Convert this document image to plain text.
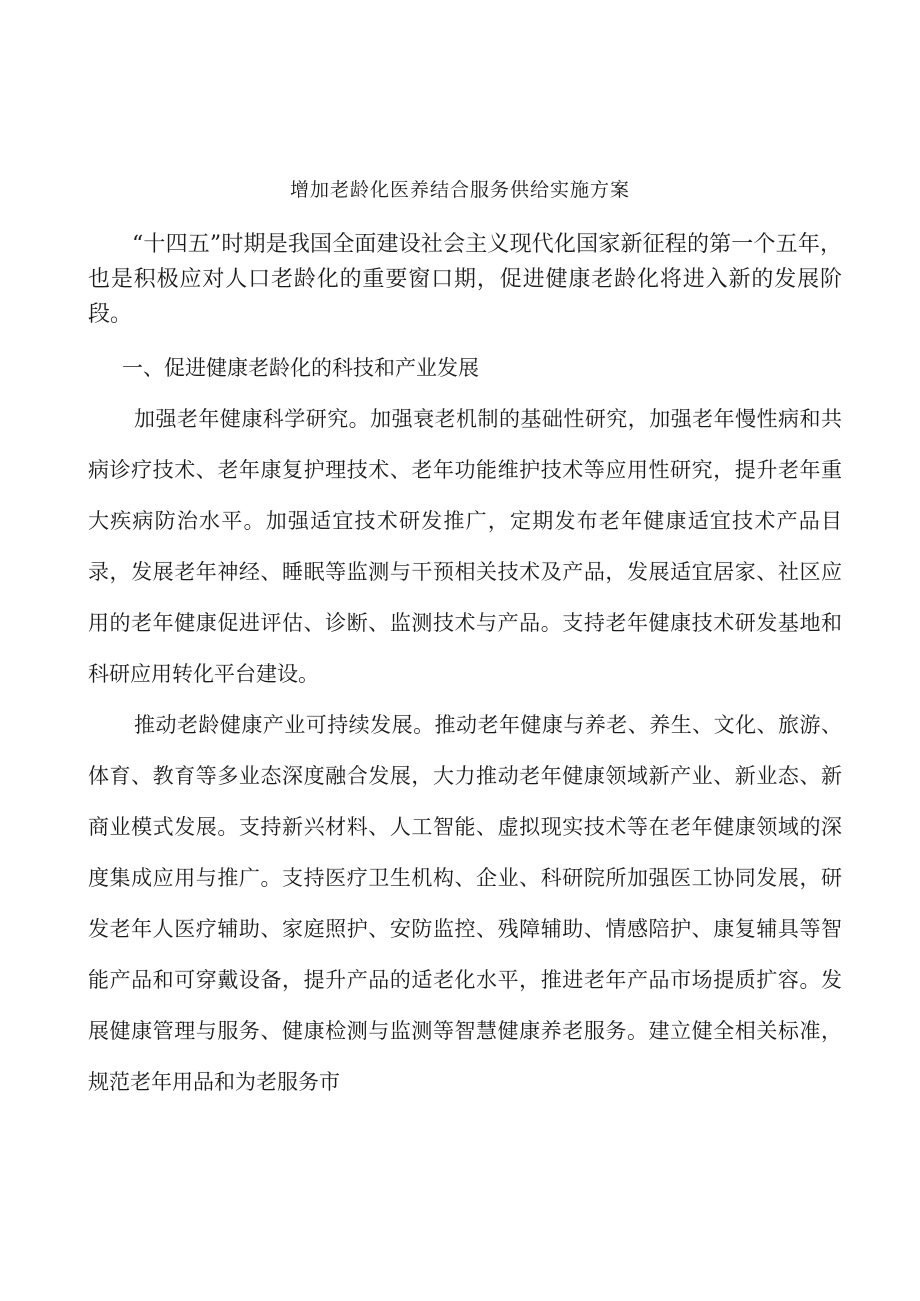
增加老龄化医养结合服务供给实施方案

“十四五”时期是我国全面建设社会主义现代化国家新征程的第一个五年，也是积极应对人口老龄化的重要窗口期，促进健康老龄化将进入新的发展阶段。

一、促进健康老龄化的科技和产业发展

加强老年健康科学研究。加强衰老机制的基础性研究，加强老年慢性病和共病诊疗技术、老年康复护理技术、老年功能维护技术等应用性研究，提升老年重大疾病防治水平。加强适宜技术研发推广，定期发布老年健康适宜技术产品目录，发展老年神经、睡眠等监测与干预相关技术及产品，发展适宜居家、社区应用的老年健康促进评估、诊断、监测技术与产品。支持老年健康技术研发基地和科研应用转化平台建设。

推动老龄健康产业可持续发展。推动老年健康与养老、养生、文化、旅游、体育、教育等多业态深度融合发展，大力推动老年健康领域新产业、新业态、新商业模式发展。支持新兴材料、人工智能、虚拟现实技术等在老年健康领域的深度集成应用与推广。支持医疗卫生机构、企业、科研院所加强医工协同发展，研发老年人医疗辅助、家庭照护、安防监控、残障辅助、情感陪护、康复辅具等智能产品和可穿戴设备，提升产品的适老化水平，推进老年产品市场提质扩容。发展健康管理与服务、健康检测与监测等智慧健康养老服务。建立健全相关标准，规范老年用品和为老服务市
